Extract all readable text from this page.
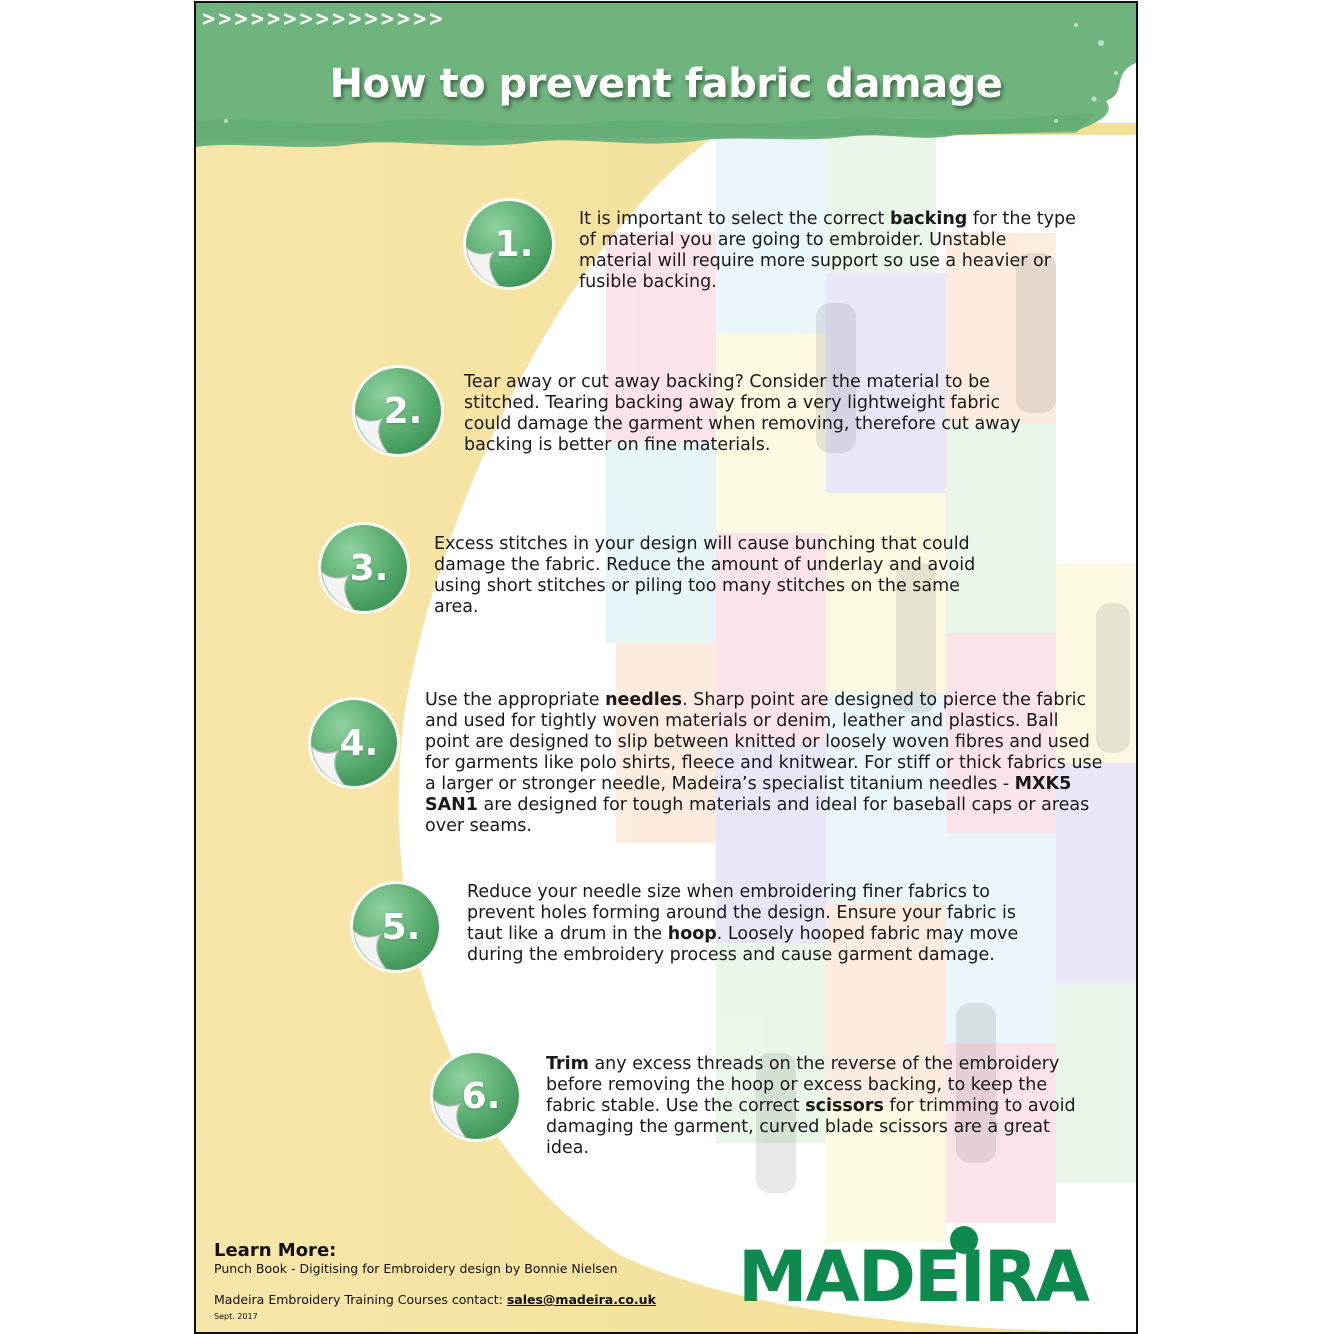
>>>>>>>>>>>>>>>
How to prevent fabric damage
1.
It is important to select the correct backing for the type of material you are going to embroider. Unstable material will require more support so use a heavier or fusible backing.
2.
Tear away or cut away backing? Consider the material to be stitched. Tearing backing away from a very lightweight fabric could damage the garment when removing, therefore cut away backing is better on fine materials.
3.
Excess stitches in your design will cause bunching that could damage the fabric. Reduce the amount of underlay and avoid using short stitches or piling too many stitches on the same area.
4.
Use the appropriate needles. Sharp point are designed to pierce the fabric and used for tightly woven materials or denim, leather and plastics. Ball point are designed to slip between knitted or loosely woven fibres and used for garments like polo shirts, fleece and knitwear. For stiff or thick fabrics use a larger or stronger needle, Madeira’s specialist titanium needles - MXK5 SAN1 are designed for tough materials and ideal for baseball caps or areas over seams.
5.
Reduce your needle size when embroidering finer fabrics to prevent holes forming around the design. Ensure your fabric is taut like a drum in the hoop. Loosely hooped fabric may move during the embroidery process and cause garment damage.
6.
Trim any excess threads on the reverse of the embroidery before removing the hoop or excess backing, to keep the fabric stable. Use the correct scissors for trimming to avoid damaging the garment, curved blade scissors are a great idea.
Learn More:
Punch Book - Digitising for Embroidery design by Bonnie Nielsen
Madeira Embroidery Training Courses contact: sales@madeira.co.uk
Sept. 2017	MADEIRA
